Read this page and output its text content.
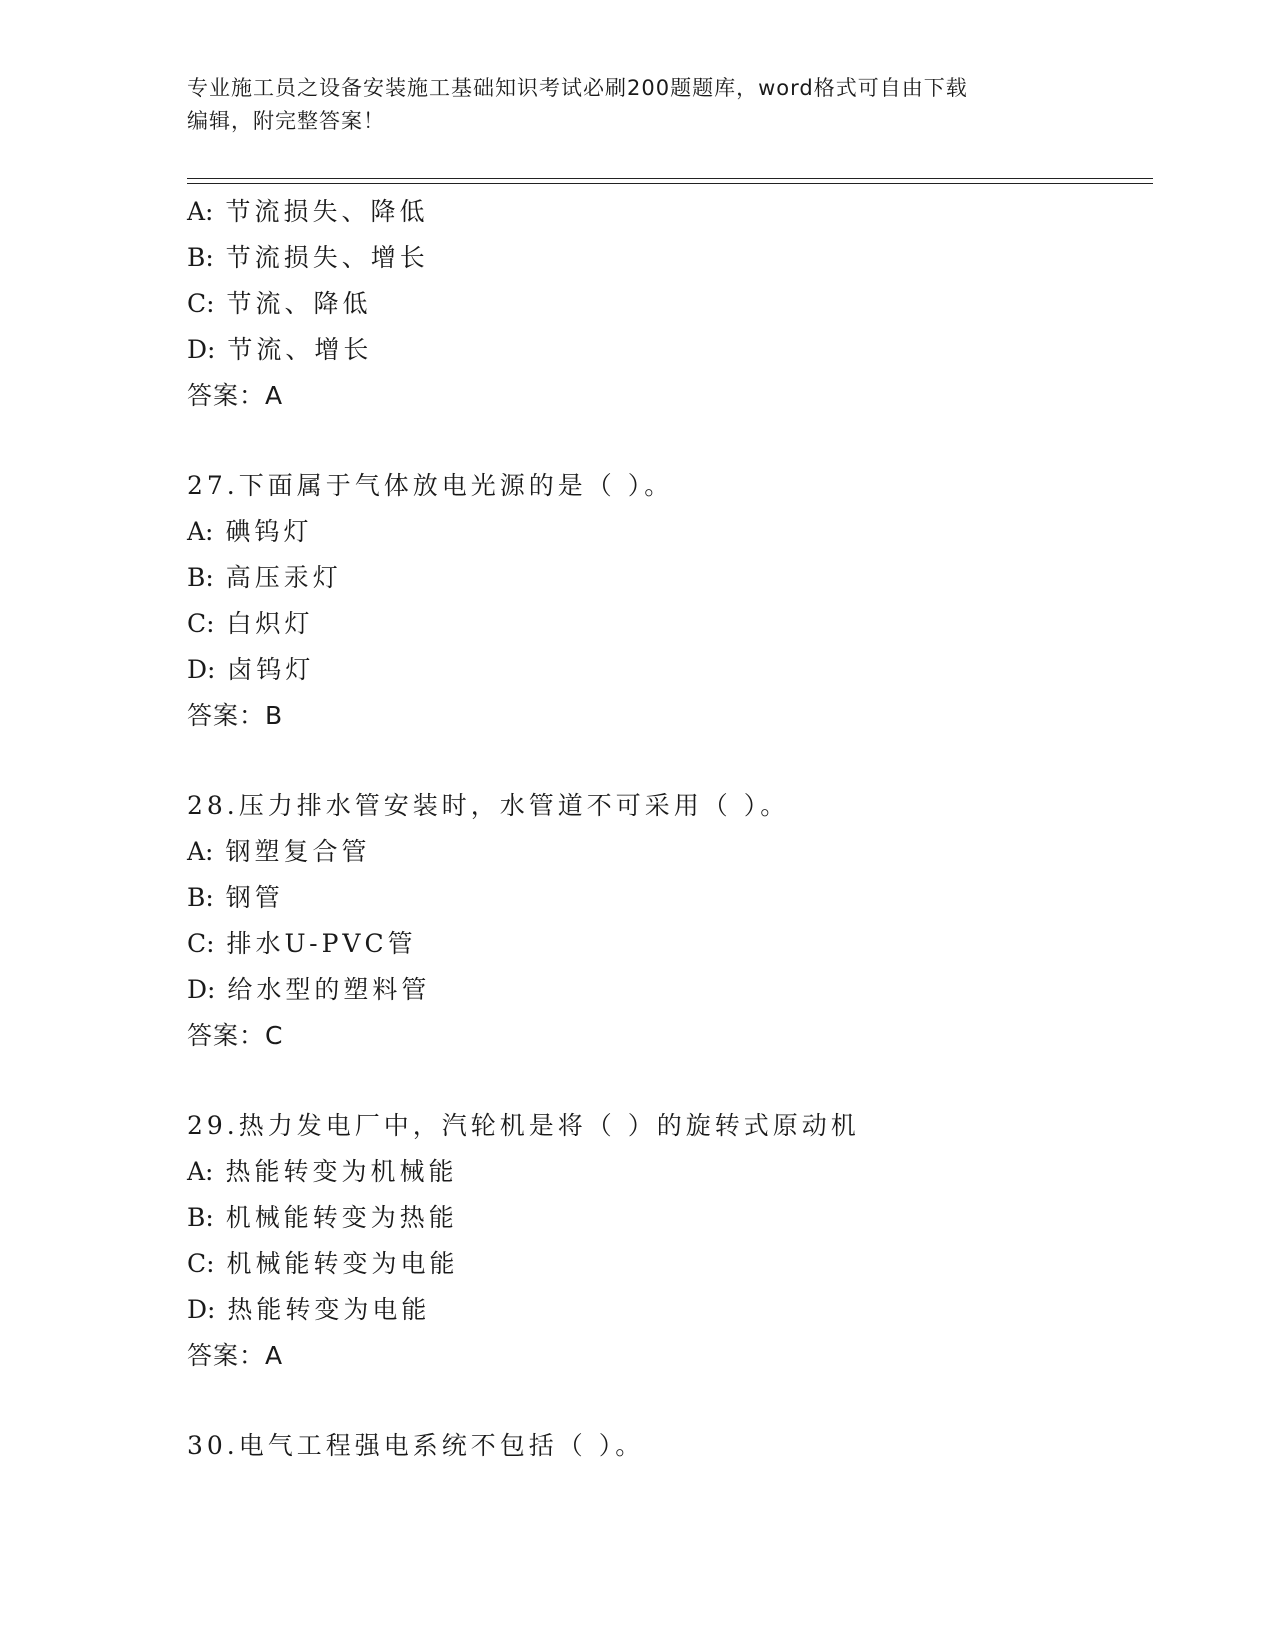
专业施工员之设备安装施工基础知识考试必刷200题题库，word格式可自由下载
编辑，附完整答案！
A: 节流损失、降低
B: 节流损失、增长
C: 节流、降低
D: 节流、增长
答案：A
27.下面属于气体放电光源的是（ ）。
A: 碘钨灯
B: 高压汞灯
C: 白炽灯
D: 卤钨灯
答案：B
28.压力排水管安装时，水管道不可采用（ ）。
A: 钢塑复合管
B: 钢管
C: 排水U-PVC管
D: 给水型的塑料管
答案：C
29.热力发电厂中，汽轮机是将（ ）的旋转式原动机
A: 热能转变为机械能
B: 机械能转变为热能
C: 机械能转变为电能
D: 热能转变为电能
答案：A
30.电气工程强电系统不包括（ ）。
